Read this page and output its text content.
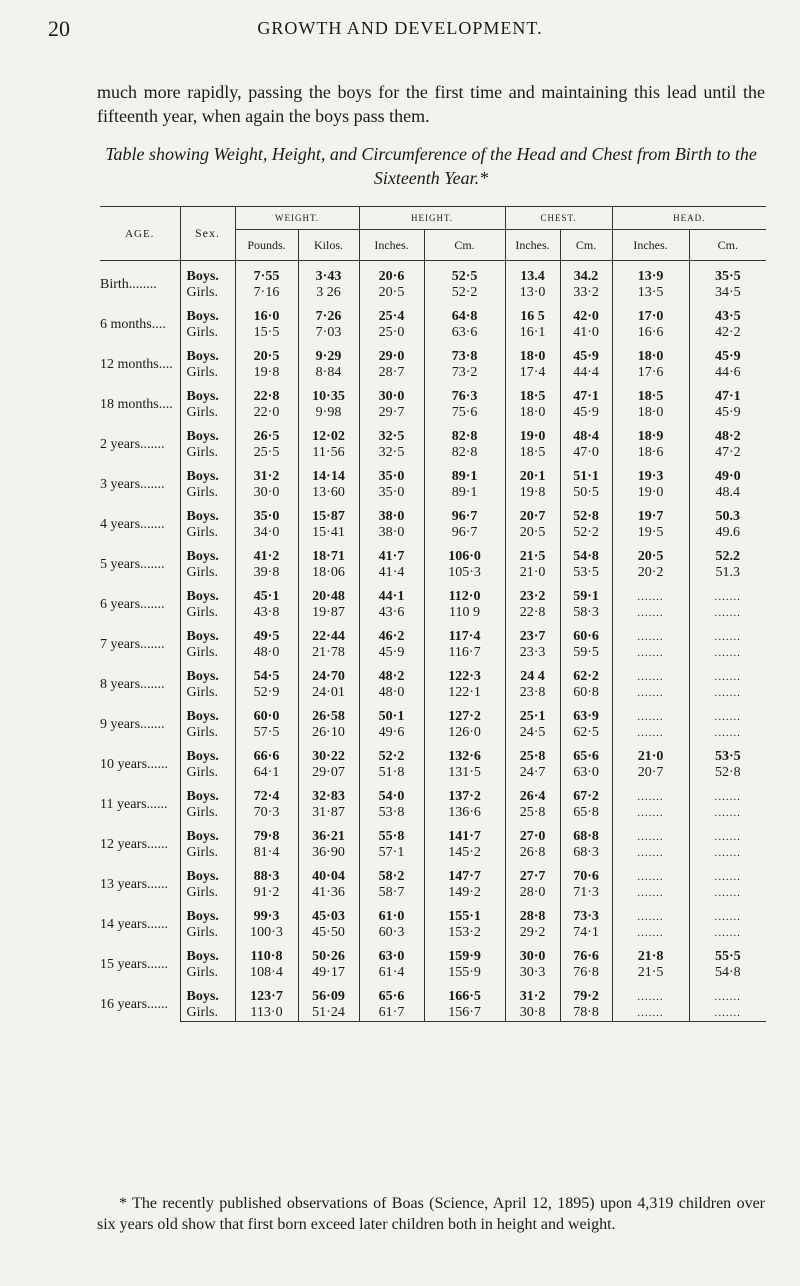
20	GROWTH AND DEVELOPMENT.
much more rapidly, passing the boys for the first time and maintaining this lead until the fifteenth year, when again the boys pass them.
Table showing Weight, Height, and Circumference of the Head and Chest from Birth to the Sixteenth Year.*
AGE.	Sex.	WEIGHT.		HEIGHT.		CHEST.		HEAD.	
		Pounds.	Kilos.	Inches.	Cm.	Inches.	Cm.	Inches.	Cm.

Birth........	Boys.	7·55	3·43	20·6	52·5	13.4	34.2	13·9	35·5
	Girls.	7·16	3 26	20·5	52·2	13·0	33·2	13·5	34·5

6 months....	Boys.	16·0	7·26	25·4	64·8	16 5	42·0	17·0	43·5
	Girls.	15·5	7·03	25·0	63·6	16·1	41·0	16·6	42·2

12 months....	Boys.	20·5	9·29	29·0	73·8	18·0	45·9	18·0	45·9
	Girls.	19·8	8·84	28·7	73·2	17·4	44·4	17·6	44·6

18 months....	Boys.	22·8	10·35	30·0	76·3	18·5	47·1	18·5	47·1
	Girls.	22·0	9·98	29·7	75·6	18·0	45·9	18·0	45·9

2 years.......	Boys.	26·5	12·02	32·5	82·8	19·0	48·4	18·9	48·2
	Girls.	25·5	11·56	32·5	82·8	18·5	47·0	18·6	47·2

3 years.......	Boys.	31·2	14·14	35·0	89·1	20·1	51·1	19·3	49·0
	Girls.	30·0	13·60	35·0	89·1	19·8	50·5	19·0	48.4

4 years.......	Boys.	35·0	15·87	38·0	96·7	20·7	52·8	19·7	50.3
	Girls.	34·0	15·41	38·0	96·7	20·5	52·2	19·5	49.6

5 years.......	Boys.	41·2	18·71	41·7	106·0	21·5	54·8	20·5	52.2
	Girls.	39·8	18·06	41·4	105·3	21·0	53·5	20·2	51.3

6 years.......	Boys.	45·1	20·48	44·1	112·0	23·2	59·1	.......	.......
	Girls.	43·8	19·87	43·6	110 9	22·8	58·3	.......	.......

7 years.......	Boys.	49·5	22·44	46·2	117·4	23·7	60·6	.......	.......
	Girls.	48·0	21·78	45·9	116·7	23·3	59·5	.......	.......

8 years.......	Boys.	54·5	24·70	48·2	122·3	24 4	62·2	.......	.......
	Girls.	52·9	24·01	48·0	122·1	23·8	60·8	.......	.......

9 years.......	Boys.	60·0	26·58	50·1	127·2	25·1	63·9	.......	.......
	Girls.	57·5	26·10	49·6	126·0	24·5	62·5	.......	.......

10 years......	Boys.	66·6	30·22	52·2	132·6	25·8	65·6	21·0	53·5
	Girls.	64·1	29·07	51·8	131·5	24·7	63·0	20·7	52·8

11 years......	Boys.	72·4	32·83	54·0	137·2	26·4	67·2	.......	.......
	Girls.	70·3	31·87	53·8	136·6	25·8	65·8	.......	.......

12 years......	Boys.	79·8	36·21	55·8	141·7	27·0	68·8	.......	.......
	Girls.	81·4	36·90	57·1	145·2	26·8	68·3	.......	.......

13 years......	Boys.	88·3	40·04	58·2	147·7	27·7	70·6	.......	.......
	Girls.	91·2	41·36	58·7	149·2	28·0	71·3	.......	.......

14 years......	Boys.	99·3	45·03	61·0	155·1	28·8	73·3	.......	.......
	Girls.	100·3	45·50	60·3	153·2	29·2	74·1	.......	.......

15 years......	Boys.	110·8	50·26	63·0	159·9	30·0	76·6	21·8	55·5
	Girls.	108·4	49·17	61·4	155·9	30·3	76·8	21·5	54·8

16 years......	Boys.	123·7	56·09	65·6	166·5	31·2	79·2	.......	.......
	Girls.	113·0	51·24	61·7	156·7	30·8	78·8	.......	.......
* The recently published observations of Boas (Science, April 12, 1895) upon 4,319 children over six years old show that first born exceed later children both in height and weight.
